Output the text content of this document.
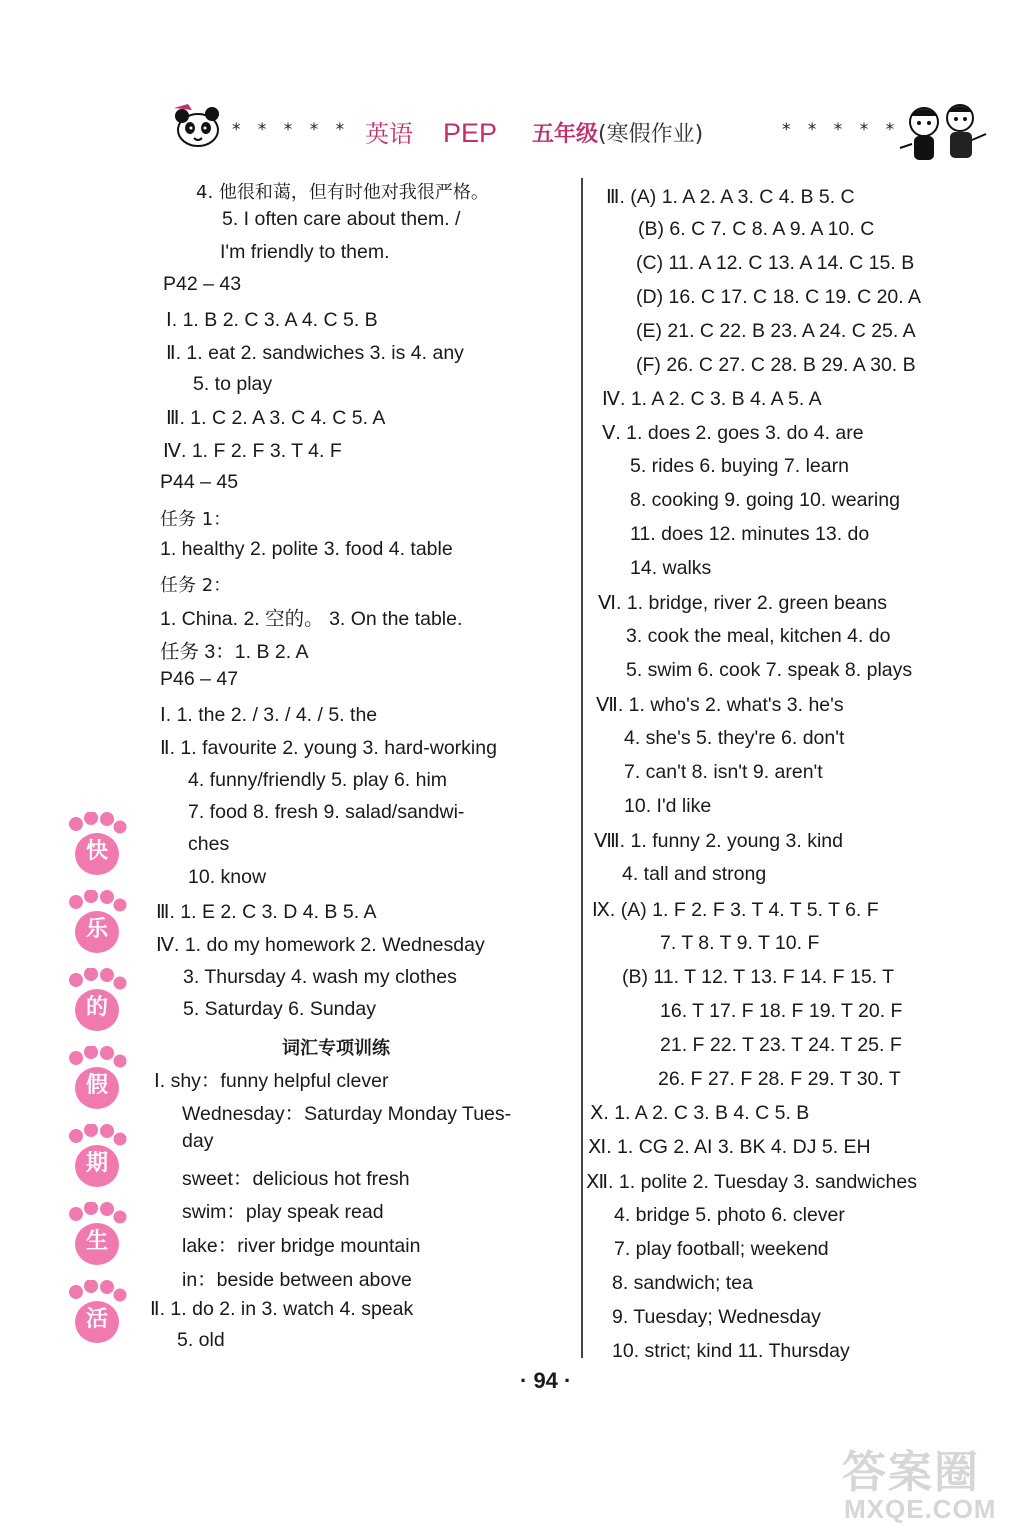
* * * * * 英语 PEP 五年级(寒假作业)	* * * * *
4. 他很和蔼，但有时他对我很严格。
5. I often care about them. /
I'm friendly to them.
P42 – 43
Ⅰ. 1. B 2. C 3. A 4. C 5. B
Ⅱ. 1. eat 2. sandwiches 3. is 4. any
5. to play
Ⅲ. 1. C 2. A 3. C 4. C 5. A
Ⅳ. 1. F 2. F 3. T 4. F
P44 – 45
任务 1：
1. healthy 2. polite 3. food 4. table
任务 2：
1. China. 2. 空的。 3. On the table.
任务 3：1. B 2. A
P46 – 47
Ⅰ. 1. the 2. / 3. / 4. / 5. the
Ⅱ. 1. favourite 2. young 3. hard-working
4. funny/friendly 5. play 6. him
7. food 8. fresh 9. salad/sandwi-
ches
10. know
Ⅲ. 1. E 2. C 3. D 4. B 5. A
Ⅳ. 1. do my homework 2. Wednesday
3. Thursday 4. wash my clothes
5. Saturday 6. Sunday
词汇专项训练
Ⅰ. shy：funny helpful clever
Wednesday：Saturday Monday Tues-
day
sweet：delicious hot fresh
swim：play speak read
lake：river bridge mountain
in：beside between above
Ⅱ. 1. do 2. in 3. watch 4. speak
5. old
Ⅲ. (A) 1. A 2. A 3. C 4. B 5. C
(B) 6. C 7. C 8. A 9. A 10. C
(C) 11. A 12. C 13. A 14. C 15. B
(D) 16. C 17. C 18. C 19. C 20. A
(E) 21. C 22. B 23. A 24. C 25. A
(F) 26. C 27. C 28. B 29. A 30. B
Ⅳ. 1. A 2. C 3. B 4. A 5. A
Ⅴ. 1. does 2. goes 3. do 4. are
5. rides 6. buying 7. learn
8. cooking 9. going 10. wearing
11. does 12. minutes 13. do
14. walks
Ⅵ. 1. bridge, river 2. green beans
3. cook the meal, kitchen 4. do
5. swim 6. cook 7. speak 8. plays
Ⅶ. 1. who's 2. what's 3. he's
4. she's 5. they're 6. don't
7. can't 8. isn't 9. aren't
10. I'd like
Ⅷ. 1. funny 2. young 3. kind
4. tall and strong
Ⅸ. (A) 1. F 2. F 3. T 4. T 5. T 6. F
7. T 8. T 9. T 10. F
(B) 11. T 12. T 13. F 14. F 15. T
16. T 17. F 18. F 19. T 20. F
21. F 22. T 23. T 24. T 25. F
26. F 27. F 28. F 29. T 30. T
Ⅹ. 1. A 2. C 3. B 4. C 5. B
Ⅺ. 1. CG 2. AI 3. BK 4. DJ 5. EH
Ⅻ. 1. polite 2. Tuesday 3. sandwiches
4. bridge 5. photo 6. clever
7. play football; weekend
8. sandwich; tea
9. Tuesday; Wednesday
10. strict; kind 11. Thursday
快
乐
的
假
期
生
活
· 94 ·
答案圈
MXQE.COM
